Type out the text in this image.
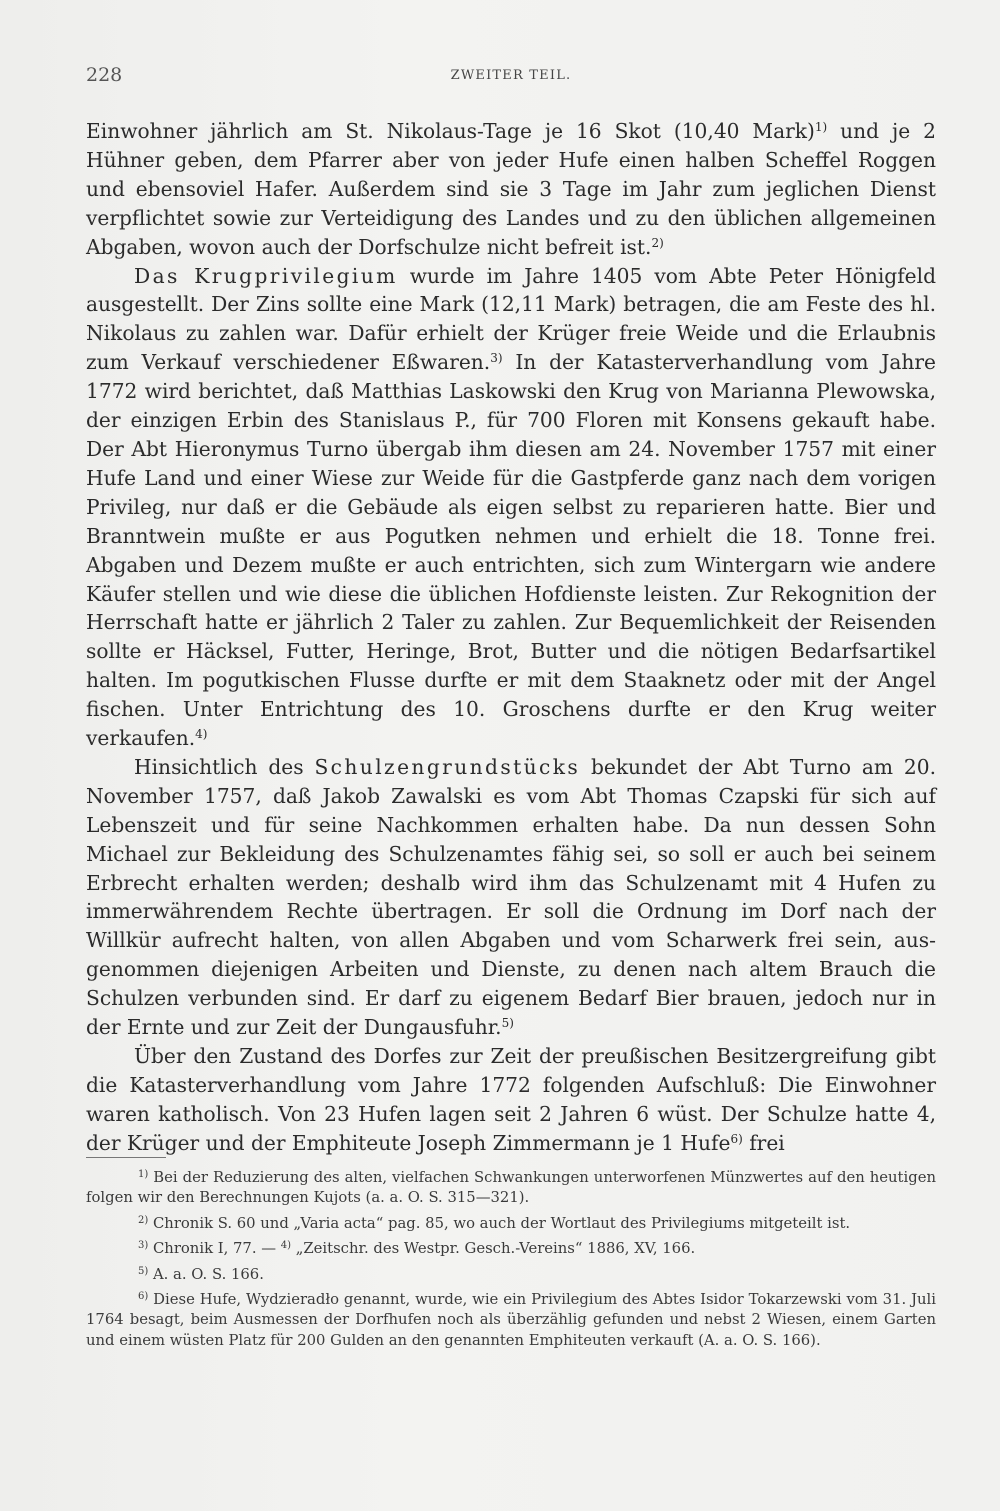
228	ZWEITER TEIL.

Einwohner jährlich am St. Nikolaus-Tage je 16 Skot (10,40 Mark)$^{1)}$ und je 2 Hühner geben, dem Pfarrer aber von jeder Hufe einen halben Scheffel Roggen und ebensoviel Hafer. Außerdem sind sie 3 Tage im Jahr zum jeglichen Dienst verpflichtet sowie zur Verteidigung des Landes und zu den üblichen allgemeinen Abgaben, wovon auch der Dorfschulze nicht befreit ist.$^{2)}$

Das Krugprivilegium wurde im Jahre 1405 vom Abte Peter Hönigfeld ausgestellt. Der Zins sollte eine Mark (12,11 Mark) betragen, die am Feste des hl. Nikolaus zu zahlen war. Dafür erhielt der Krüger freie Weide und die Erlaubnis zum Verkauf verschiedener Eßwaren.$^{3)}$ In der Katasterverhandlung vom Jahre 1772 wird berichtet, daß Matthias Laskowski den Krug von Marianna Plewowska, der einzigen Erbin des Stanislaus P., für 700 Floren mit Konsens gekauft habe. Der Abt Hieronymus Turno übergab ihm diesen am 24. November 1757 mit einer Hufe Land und einer Wiese zur Weide für die Gastpferde ganz nach dem vorigen Privileg, nur daß er die Gebäude als eigen selbst zu reparieren hatte. Bier und Branntwein mußte er aus Pogutken nehmen und erhielt die 18. Tonne frei. Abgaben und Dezem mußte er auch entrichten, sich zum Wintergarn wie andere Käufer stellen und wie diese die üblichen Hofdienste leisten. Zur Rekognition der Herrschaft hatte er jährlich 2 Taler zu zahlen. Zur Bequemlichkeit der Reisenden sollte er Häcksel, Futter, Heringe, Brot, Butter und die nötigen Bedarfsartikel halten. Im pogutkischen Flusse durfte er mit dem Staaknetz oder mit der Angel fischen. Unter Entrichtung des 10. Groschens durfte er den Krug weiter verkaufen.$^{4)}$

Hinsichtlich des Schulzengrundstücks bekundet der Abt Turno am 20. November 1757, daß Jakob Zawalski es vom Abt Thomas Czapski für sich auf Lebenszeit und für seine Nachkommen erhalten habe. Da nun dessen Sohn Michael zur Bekleidung des Schulzenamtes fähig sei, so soll er auch bei seinem Erbrecht erhalten werden; deshalb wird ihm das Schulzenamt mit 4 Hufen zu immerwährendem Rechte übertragen. Er soll die Ordnung im Dorf nach der Willkür aufrecht halten, von allen Abgaben und vom Scharwerk frei sein, ausgenommen diejenigen Arbeiten und Dienste, zu denen nach altem Brauch die Schulzen verbunden sind. Er darf zu eigenem Bedarf Bier brauen, jedoch nur in der Ernte und zur Zeit der Dungausfuhr.$^{5)}$

Über den Zustand des Dorfes zur Zeit der preußischen Besitzergreifung gibt die Katasterverhandlung vom Jahre 1772 folgenden Aufschluß: Die Einwohner waren katholisch. Von 23 Hufen lagen seit 2 Jahren 6 wüst. Der Schulze hatte 4, der Krüger und der Emphiteute Joseph Zimmermann je 1 Hufe$^{6)}$ frei

$^{1)}$ Bei der Reduzierung des alten, vielfachen Schwankungen unterworfenen Münzwertes auf den heutigen folgen wir den Berechnungen Kujots (a. a. O. S. 315—321).

$^{2)}$ Chronik S. 60 und „Varia acta“ pag. 85, wo auch der Wortlaut des Privilegiums mitgeteilt ist.

$^{3)}$ Chronik I, 77. — $^{4)}$ „Zeitschr. des Westpr. Gesch.-Vereins“ 1886, XV, 166.

$^{5)}$ A. a. O. S. 166.

$^{6)}$ Diese Hufe, Wydzieradło genannt, wurde, wie ein Privilegium des Abtes Isidor Tokarzewski vom 31. Juli 1764 besagt, beim Ausmessen der Dorfhufen noch als überzählig gefunden und nebst 2 Wiesen, einem Garten und einem wüsten Platz für 200 Gulden an den genannten Emphiteuten verkauft (A. a. O. S. 166).
